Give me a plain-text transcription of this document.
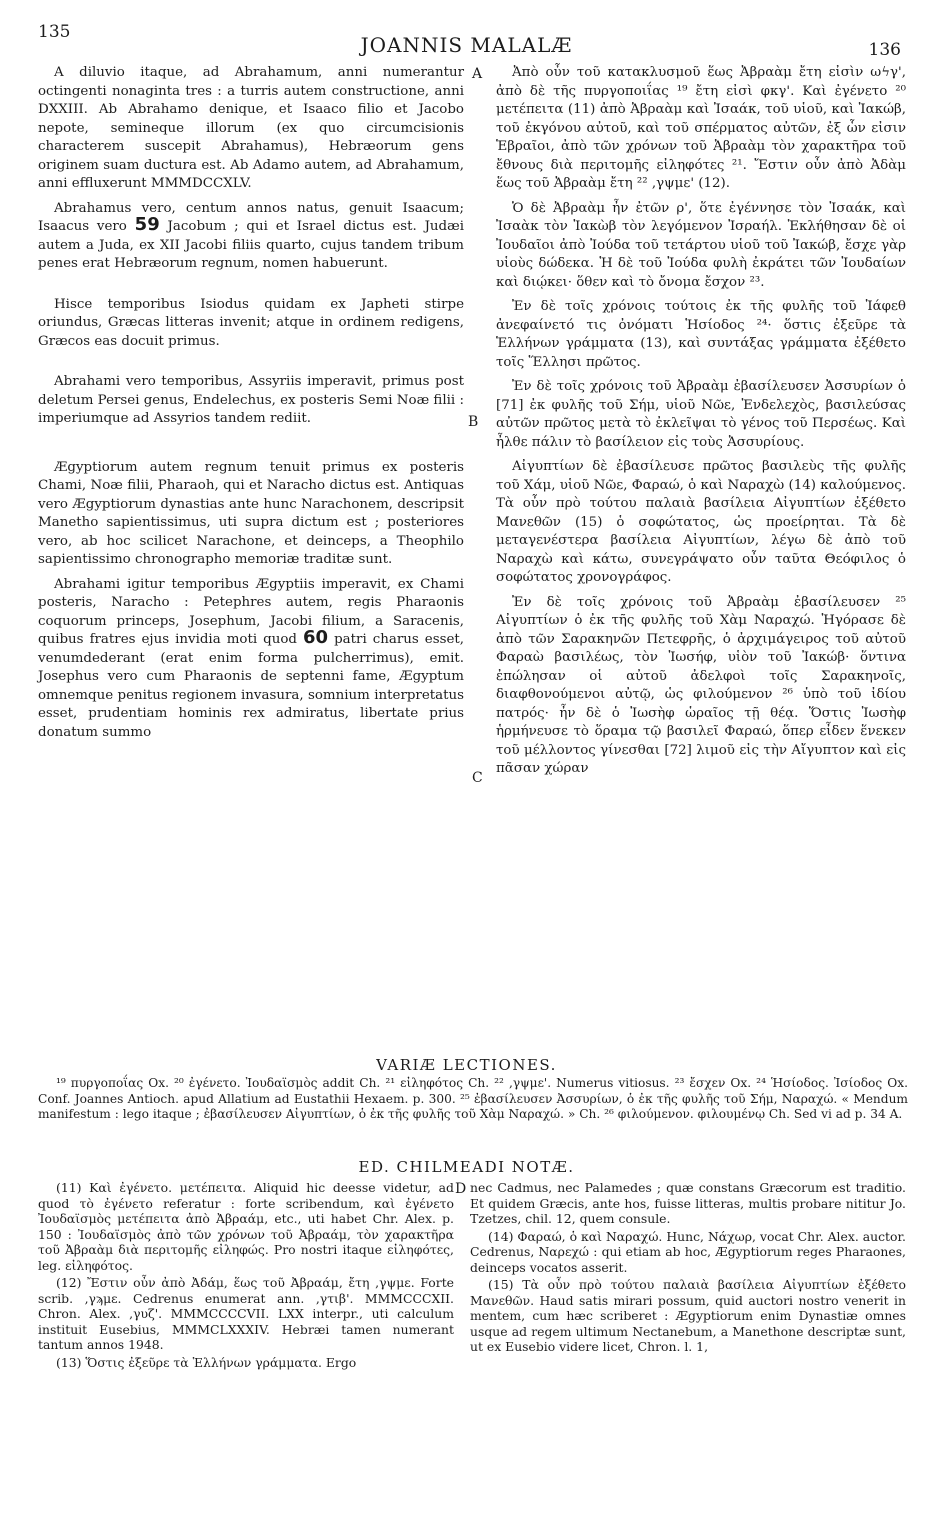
135
JOANNIS MALALÆ	136
A
B
C
D

A diluvio itaque, ad Abrahamum, anni numerantur octingenti nonaginta tres : a turris autem constructione, anni DXXIII. Ab Abrahamo denique, et Isaaco filio et Jacobo nepote, semineque illorum (ex quo circumcisionis characterem suscepit Abrahamus), Hebræorum gens originem suam ductura est. Ab Adamo autem, ad Abrahamum, anni effluxerunt MMMDCCXLV.

Abrahamus vero, centum annos natus, genuit Isaacum; Isaacus vero 59 Jacobum ; qui et Israel dictus est. Judæi autem a Juda, ex XII Jacobi filiis quarto, cujus tandem tribum penes erat Hebræorum regnum, nomen habuerunt.

Hisce temporibus Isiodus quidam ex Japheti stirpe oriundus, Græcas litteras invenit; atque in ordinem redigens, Græcos eas docuit primus.

Abrahami vero temporibus, Assyriis imperavit, primus post deletum Persei genus, Endelechus, ex posteris Semi Noæ filii : imperiumque ad Assyrios tandem rediit.

Ægyptiorum autem regnum tenuit primus ex posteris Chami, Noæ filii, Pharaoh, qui et Naracho dictus est. Antiquas vero Ægyptiorum dynastias ante hunc Narachonem, descripsit Manetho sapientissimus, uti supra dictum est ; posteriores vero, ab hoc scilicet Narachone, et deinceps, a Theophilo sapientissimo chronographo memoriæ traditæ sunt.

Abrahami igitur temporibus Ægyptiis imperavit, ex Chami posteris, Naracho : Petephres autem, regis Pharaonis coquorum princeps, Josephum, Jacobi filium, a Saracenis, quibus fratres ejus invidia moti quod 60 patri charus esset, venumdederant (erat enim forma pulcherrimus), emit. Josephus vero cum Pharaonis de septenni fame, Ægyptum omnemque penitus regionem invasura, somnium interpretatus esset, prudentiam hominis rex admiratus, libertate prius donatum summo

Ἀπὸ οὖν τοῦ κατακλυσμοῦ ἕως Ἀβραὰμ ἔτη εἰσὶν ωϟγ', ἀπὸ δὲ τῆς πυργοποιΐας ¹⁹ ἔτη εἰσὶ φκγ'. Καὶ ἐγένετο ²⁰ μετέπειτα (11) ἀπὸ Ἀβραὰμ καὶ Ἰσαάκ, τοῦ υἱοῦ, καὶ Ἰακώβ, τοῦ ἐκγόνου αὐτοῦ, καὶ τοῦ σπέρματος αὐτῶν, ἐξ ὧν εἰσιν Ἑβραῖοι, ἀπὸ τῶν χρόνων τοῦ Ἀβραὰμ τὸν χαρακτῆρα τοῦ ἔθνους διὰ περιτομῆς εἰληφότες ²¹. Ἔστιν οὖν ἀπὸ Ἀδὰμ ἕως τοῦ Ἀβραὰμ ἔτη ²² ,γψμε' (12).

Ὁ δὲ Ἀβραὰμ ἦν ἐτῶν ρ', ὅτε ἐγέννησε τὸν Ἰσαάκ, καὶ Ἰσαὰκ τὸν Ἰακὼβ τὸν λεγόμενον Ἰσραήλ. Ἐκλήθησαν δὲ οἱ Ἰουδαῖοι ἀπὸ Ἰούδα τοῦ τετάρτου υἱοῦ τοῦ Ἰακώβ, ἔσχε γὰρ υἱοὺς δώδεκα. Ἡ δὲ τοῦ Ἰούδα φυλὴ ἐκράτει τῶν Ἰουδαίων καὶ διῴκει· ὅθεν καὶ τὸ ὄνομα ἔσχον ²³.

Ἐν δὲ τοῖς χρόνοις τούτοις ἐκ τῆς φυλῆς τοῦ Ἰάφεθ ἀνεφαίνετό τις ὀνόματι Ἡσίοδος ²⁴· ὅστις ἐξεῦρε τὰ Ἑλλήνων γράμματα (13), καὶ συντάξας γράμματα ἐξέθετο τοῖς Ἕλλησι πρῶτος.

Ἐν δὲ τοῖς χρόνοις τοῦ Ἀβραὰμ ἐβασίλευσεν Ἀσσυρίων ὁ [71] ἐκ φυλῆς τοῦ Σήμ, υἱοῦ Νῶε, Ἐνδελεχὸς, βασιλεύσας αὐτῶν πρῶτος μετὰ τὸ ἐκλεῖψαι τὸ γένος τοῦ Περσέως. Καὶ ἦλθε πάλιν τὸ βασίλειον εἰς τοὺς Ἀσσυρίους.

Αἰγυπτίων δὲ ἐβασίλευσε πρῶτος βασιλεὺς τῆς φυλῆς τοῦ Χάμ, υἱοῦ Νῶε, Φαραώ, ὁ καὶ Ναραχὼ (14) καλούμενος. Τὰ οὖν πρὸ τούτου παλαιὰ βασίλεια Αἰγυπτίων ἐξέθετο Μανεθῶν (15) ὁ σοφώτατος, ὡς προείρηται. Τὰ δὲ μεταγενέστερα βασίλεια Αἰγυπτίων, λέγω δὲ ἀπὸ τοῦ Ναραχὼ καὶ κάτω, συνεγράψατο οὖν ταῦτα Θεόφιλος ὁ σοφώτατος χρονογράφος.

Ἐν δὲ τοῖς χρόνοις τοῦ Ἀβραὰμ ἐβασίλευσεν ²⁵ Αἰγυπτίων ὁ ἐκ τῆς φυλῆς τοῦ Χὰμ Ναραχώ. Ἠγόρασε δὲ ἀπὸ τῶν Σαρακηνῶν Πετεφρῆς, ὁ ἀρχιμάγειρος τοῦ αὐτοῦ Φαραὼ βασιλέως, τὸν Ἰωσήφ, υἱὸν τοῦ Ἰακώβ· ὅντινα ἐπώλησαν οἱ αὐτοῦ ἀδελφοὶ τοῖς Σαρακηνοῖς, διαφθονούμενοι αὐτῷ, ὡς φιλούμενον ²⁶ ὑπὸ τοῦ ἰδίου πατρός· ἦν δὲ ὁ Ἰωσὴφ ὡραῖος τῇ θέᾳ. Ὅστις Ἰωσὴφ ἡρμήνευσε τὸ ὅραμα τῷ βασιλεῖ Φαραώ, ὅπερ εἶδεν ἕνεκεν τοῦ μέλλοντος γίνεσθαι [72] λιμοῦ εἰς τὴν Αἴγυπτον καὶ εἰς πᾶσαν χώραν

VARIÆ LECTIONES.

¹⁹ πυργοποΐας Ox. ²⁰ ἐγένετο. Ἰουδαϊσμὸς addit Ch. ²¹ εἰληφότος Ch. ²² ,γψμε'. Numerus vitiosus. ²³ ἔσχεν Ox. ²⁴ Ἡσίοδος. Ἰσίοδος Ox. Conf. Joannes Antioch. apud Allatium ad Eustathii Hexaem. p. 300. ²⁵ ἐβασίλευσεν Ἀσσυρίων, ὁ ἐκ τῆς φυλῆς τοῦ Σήμ, Ναραχώ. « Mendum manifestum : lego itaque ; ἐβασίλευσεν Αἰγυπτίων, ὁ ἐκ τῆς φυλῆς τοῦ Χὰμ Ναραχώ. » Ch. ²⁶ φιλούμενον. φιλουμένῳ Ch. Sed vi ad p. 34 A.

ED. CHILMEADI NOTÆ.

(11) Καὶ ἐγένετο. μετέπειτα. Aliquid hic deesse videtur, ad quod τὸ ἐγένετο referatur : forte scribendum, καὶ ἐγένετο Ἰουδαϊσμὸς μετέπειτα ἀπὸ Ἀβραάμ, etc., uti habet Chr. Alex. p. 150 : Ἰουδαϊσμὸς ἀπὸ τῶν χρόνων τοῦ Ἀβραάμ, τὸν χαρακτῆρα τοῦ Ἀβραὰμ διὰ περιτομῆς εἰληφώς. Pro nostri itaque εἰληφότες, leg. εἰληφότος.

(12) Ἔστιν οὖν ἀπὸ Ἀδάμ, ἕως τοῦ Ἀβραάμ, ἔτη ,γψμε. Forte scrib. ,γϡμε. Cedrenus enumerat ann. ,γτιβ'. MMMCCCXII. Chron. Alex. ,γυζ'. MMMCCCCVII. LXX interpr., uti calculum instituit Eusebius, MMMCLXXXIV. Hebræi tamen numerant tantum annos 1948.

(13) Ὅστις ἐξεῦρε τὰ Ἑλλήνων γράμματα. Ergo

nec Cadmus, nec Palamedes ; quæ constans Græcorum est traditio. Et quidem Græcis, ante hos, fuisse litteras, multis probare nititur Jo. Tzetzes, chil. 12, quem consule.

(14) Φαραώ, ὁ καὶ Ναραχώ. Hunc, Νάχωρ, vocat Chr. Alex. auctor. Cedrenus, Ναρεχώ : qui etiam ab hoc, Ægyptiorum reges Pharaones, deinceps vocatos asserit.

(15) Τὰ οὖν πρὸ τούτου παλαιὰ βασίλεια Αἰγυπτίων ἐξέθετο Μανεθῶν. Haud satis mirari possum, quid auctori nostro venerit in mentem, cum hæc scriberet : Ægyptiorum enim Dynastiæ omnes usque ad regem ultimum Nectanebum, a Manethone descriptæ sunt, ut ex Eusebio videre licet, Chron. l. 1,
